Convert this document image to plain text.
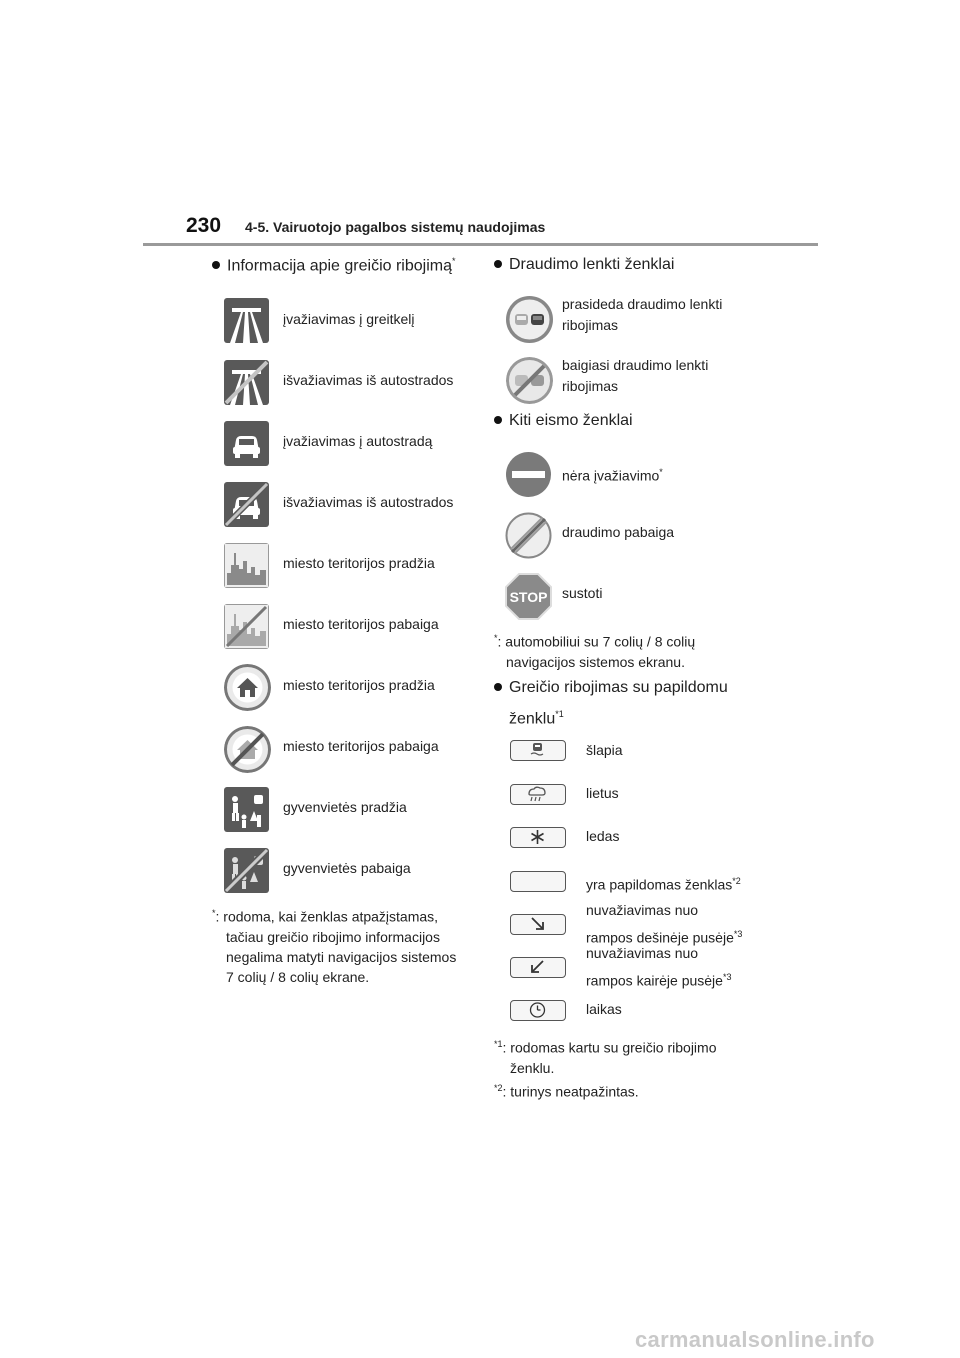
230 4-5. Vairuotojo pagalbos sistemų naudojimas
Informacija apie greičio ribojimą*
įvažiavimas į greitkelį
išvažiavimas iš autostrados
įvažiavimas į autostradą
išvažiavimas iš autostrados
miesto teritorijos pradžia
miesto teritorijos pabaiga
miesto teritorijos pradžia
miesto teritorijos pabaiga
gyvenvietės pradžia
gyvenvietės pabaiga
*: rodoma, kai ženklas atpažįstamas,
tačiau greičio ribojimo informacijos
negalima matyti navigacijos sistemos
7 colių / 8 colių ekrane.
Draudimo lenkti ženklai
prasideda draudimo lenkti
ribojimas
baigiasi draudimo lenkti
ribojimas
Kiti eismo ženklai
nėra įvažiavimo*
draudimo pabaiga
STOP sustoti
*: automobiliui su 7 colių / 8 colių
navigacijos sistemos ekranu.
Greičio ribojimas su papildomu
ženklu$^{*1}$
šlapia
lietus
ledas
yra papildomas ženklas$^{*2}$
nuvažiavimas nuo
rampos dešinėje pusėje$^{*3}$
nuvažiavimas nuo
rampos kairėje pusėje$^{*3}$
laikas
$^{*1}$: rodomas kartu su greičio ribojimo
ženklu.
$^{*2}$: turinys neatpažintas.
carmanualsonline.info
